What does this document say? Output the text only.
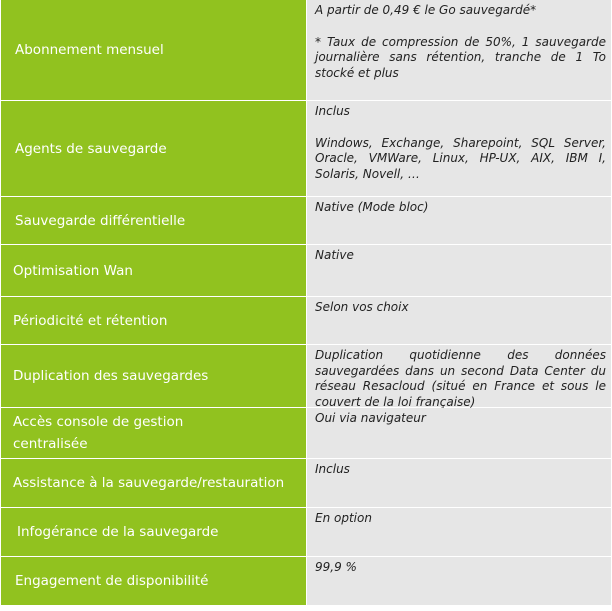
Abonnement mensuel

A partir de 0,49 € le Go sauvegardé*

* Taux de compression de 50%, 1 sauvegarde journalière sans rétention, tranche de 1 To stocké et plus

Agents de sauvegarde

Inclus

Windows, Exchange, Sharepoint, SQL Server, Oracle, VMWare, Linux, HP-UX, AIX, IBM I, Solaris, Novell, …

Sauvegarde différentielle

Native (Mode bloc)

Optimisation Wan

Native

Périodicité et rétention

Selon vos choix

Duplication des sauvegardes

Duplication quotidienne des données sauvegardées dans un second Data Center du réseau Resacloud (situé en France et sous le couvert de la loi française)

Accès console de gestion
centralisée

Oui via navigateur

Assistance à la sauvegarde/restauration

Inclus

Infogérance de la sauvegarde

En option

Engagement de disponibilité

99,9 %
